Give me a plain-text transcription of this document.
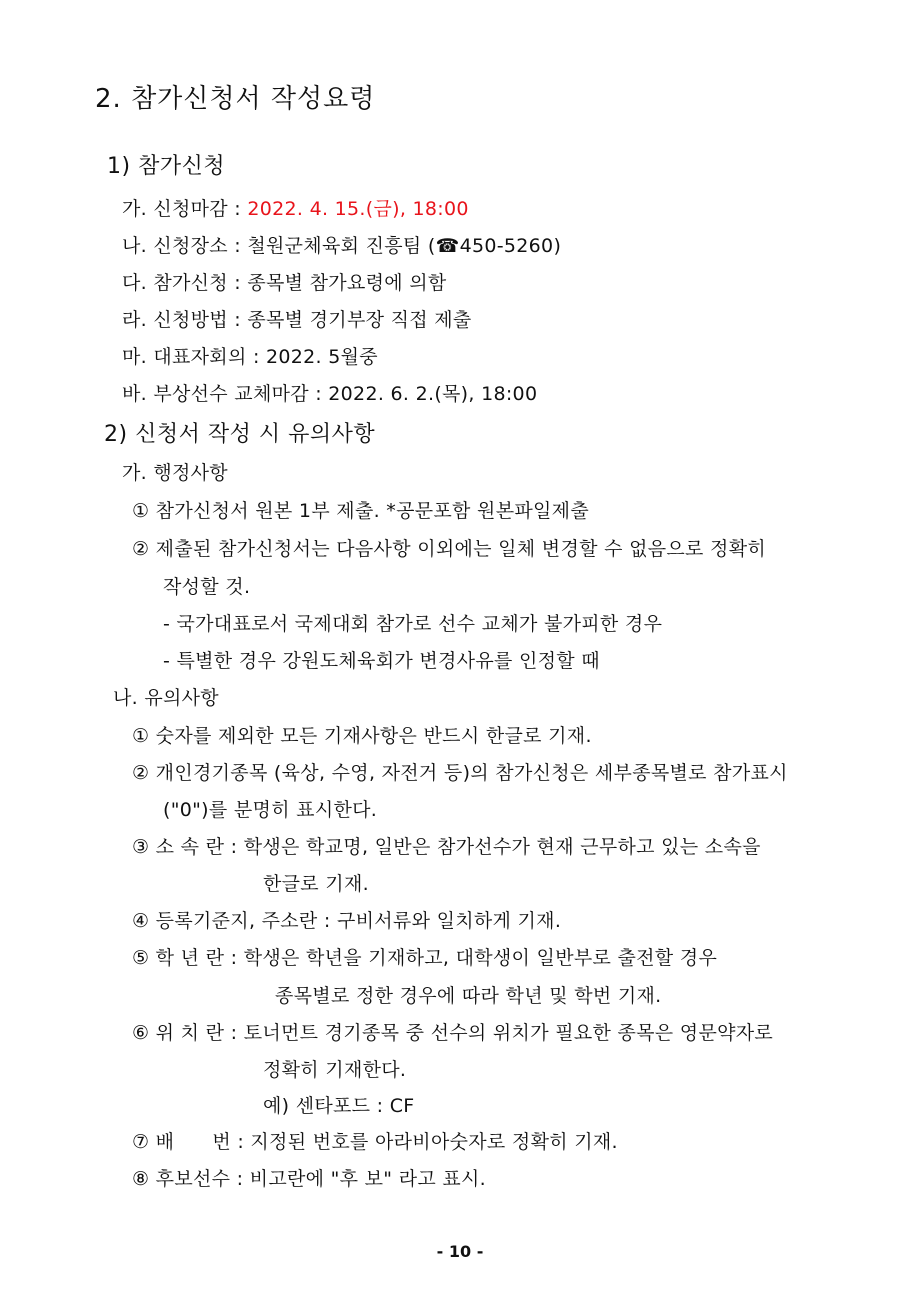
2. 참가신청서 작성요령
1) 참가신청
가. 신청마감 : 2022. 4. 15.(금), 18:00
나. 신청장소 : 철원군체육회 진흥팀 (☎450-5260)
다. 참가신청 : 종목별 참가요령에 의함
라. 신청방법 : 종목별 경기부장 직접 제출
마. 대표자회의 : 2022. 5월중
바. 부상선수 교체마감 : 2022. 6. 2.(목), 18:00
2) 신청서 작성 시 유의사항
가. 행정사항
① 참가신청서 원본 1부 제출. *공문포함 원본파일제출
② 제출된 참가신청서는 다음사항 이외에는 일체 변경할 수 없음으로 정확히
작성할 것.
- 국가대표로서 국제대회 참가로 선수 교체가 불가피한 경우
- 특별한 경우 강원도체육회가 변경사유를 인정할 때
나. 유의사항
① 숫자를 제외한 모든 기재사항은 반드시 한글로 기재.
② 개인경기종목 (육상, 수영, 자전거 등)의 참가신청은 세부종목별로 참가표시
("0")를 분명히 표시한다.
③ 소 속 란 : 학생은 학교명, 일반은 참가선수가 현재 근무하고 있는 소속을
한글로 기재.
④ 등록기준지, 주소란 : 구비서류와 일치하게 기재.
⑤ 학 년 란 : 학생은 학년을 기재하고, 대학생이 일반부로 출전할 경우
종목별로 정한 경우에 따라 학년 및 학번 기재.
⑥ 위 치 란 : 토너먼트 경기종목 중 선수의 위치가 필요한 종목은 영문약자로
정확히 기재한다.
예) 센타포드 : CF
⑦ 배      번 : 지정된 번호를 아라비아숫자로 정확히 기재.
⑧ 후보선수 : 비고란에 "후 보" 라고 표시.
- 10 -
